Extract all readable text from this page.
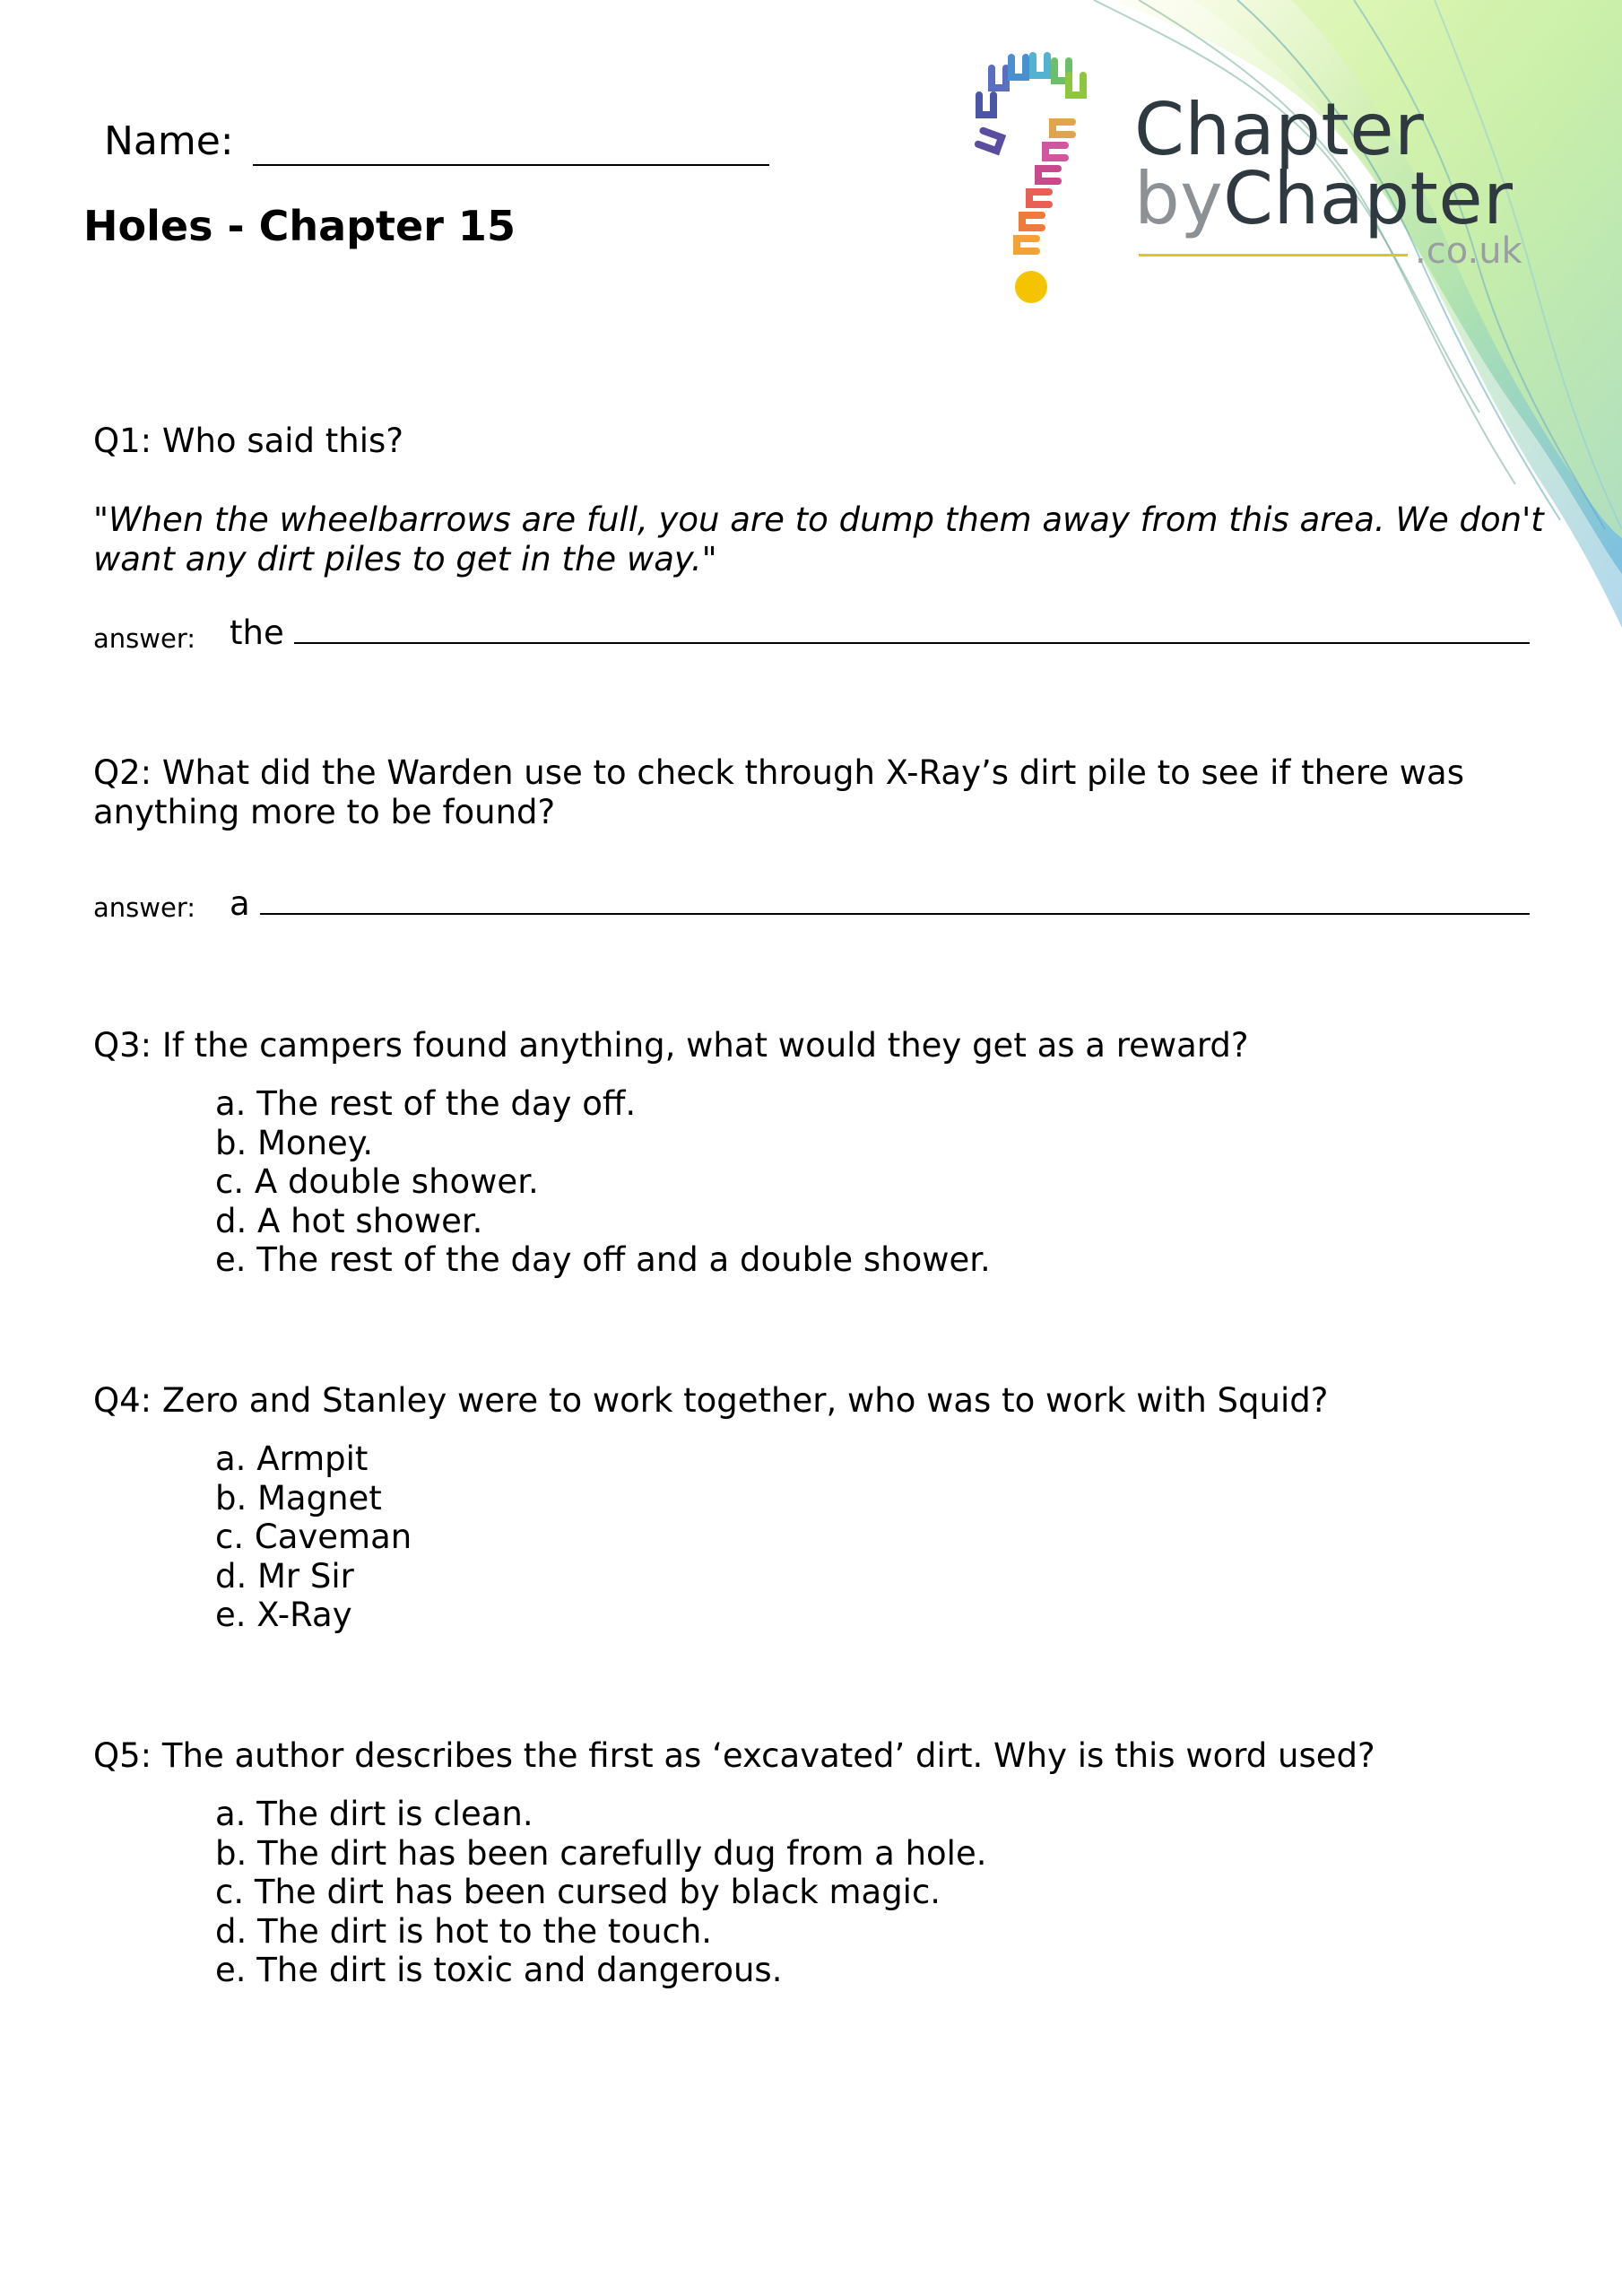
Name:
Holes - Chapter 15
Chapter
byChapter
.co.uk
Q1: Who said this?
"When the wheelbarrows are full, you are to dump them away from this area. We don't
want any dirt piles to get in the way."
answer: the
Q2: What did the Warden use to check through X-Ray’s dirt pile to see if there was
anything more to be found?
answer: a
Q3: If the campers found anything, what would they get as a reward?
a. The rest of the day off.
b. Money.
c. A double shower.
d. A hot shower.
e. The rest of the day off and a double shower.
Q4: Zero and Stanley were to work together, who was to work with Squid?
a. Armpit
b. Magnet
c. Caveman
d. Mr Sir
e. X-Ray
Q5: The author describes the first as ‘excavated’ dirt. Why is this word used?
a. The dirt is clean.
b. The dirt has been carefully dug from a hole.
c. The dirt has been cursed by black magic.
d. The dirt is hot to the touch.
e. The dirt is toxic and dangerous.
